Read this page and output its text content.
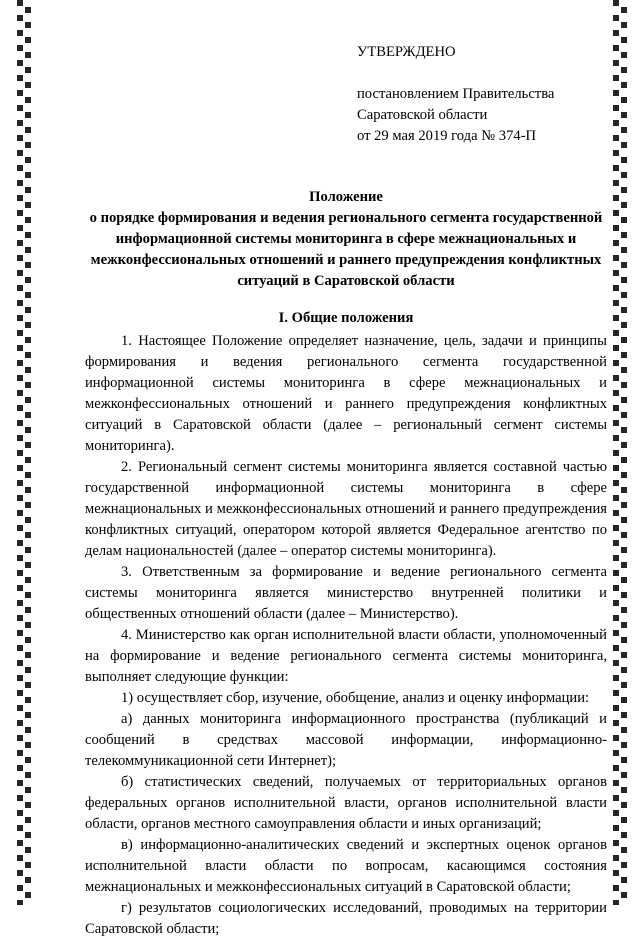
УТВЕРЖДЕНО
постановлением Правительства
Саратовской области
от 29 мая 2019 года № 374-П
Положение
о порядке формирования и ведения регионального сегмента государственной информационной системы мониторинга в сфере межнациональных и межконфессиональных отношений и раннего предупреждения конфликтных ситуаций в Саратовской области
I. Общие положения

1. Настоящее Положение определяет назначение, цель, задачи и принципы формирования и ведения регионального сегмента государственной информационной системы мониторинга в сфере межнациональных и межконфессиональных отношений и раннего предупреждения конфликтных ситуаций в Саратовской области (далее – региональный сегмент системы мониторинга).

2. Региональный сегмент системы мониторинга является составной частью государственной информационной системы мониторинга в сфере межнациональных и межконфессиональных отношений и раннего предупреждения конфликтных ситуаций, оператором которой является Федеральное агентство по делам национальностей (далее – оператор системы мониторинга).

3. Ответственным за формирование и ведение регионального сегмента системы мониторинга является министерство внутренней политики и общественных отношений области (далее – Министерство).

4. Министерство как орган исполнительной власти области, уполномоченный на формирование и ведение регионального сегмента системы мониторинга, выполняет следующие функции:

1) осуществляет сбор, изучение, обобщение, анализ и оценку информации:

а) данных мониторинга информационного пространства (публикаций и сообщений в средствах массовой информации, информационно-телекоммуникационной сети Интернет);

б) статистических сведений, получаемых от территориальных органов федеральных органов исполнительной власти, органов исполнительной власти области, органов местного самоуправления области и иных организаций;

в) информационно-аналитических сведений и экспертных оценок органов исполнительной власти области по вопросам, касающимся состояния межнациональных и межконфессиональных ситуаций в Саратовской области;

г) результатов социологических исследований, проводимых на территории Саратовской области;
